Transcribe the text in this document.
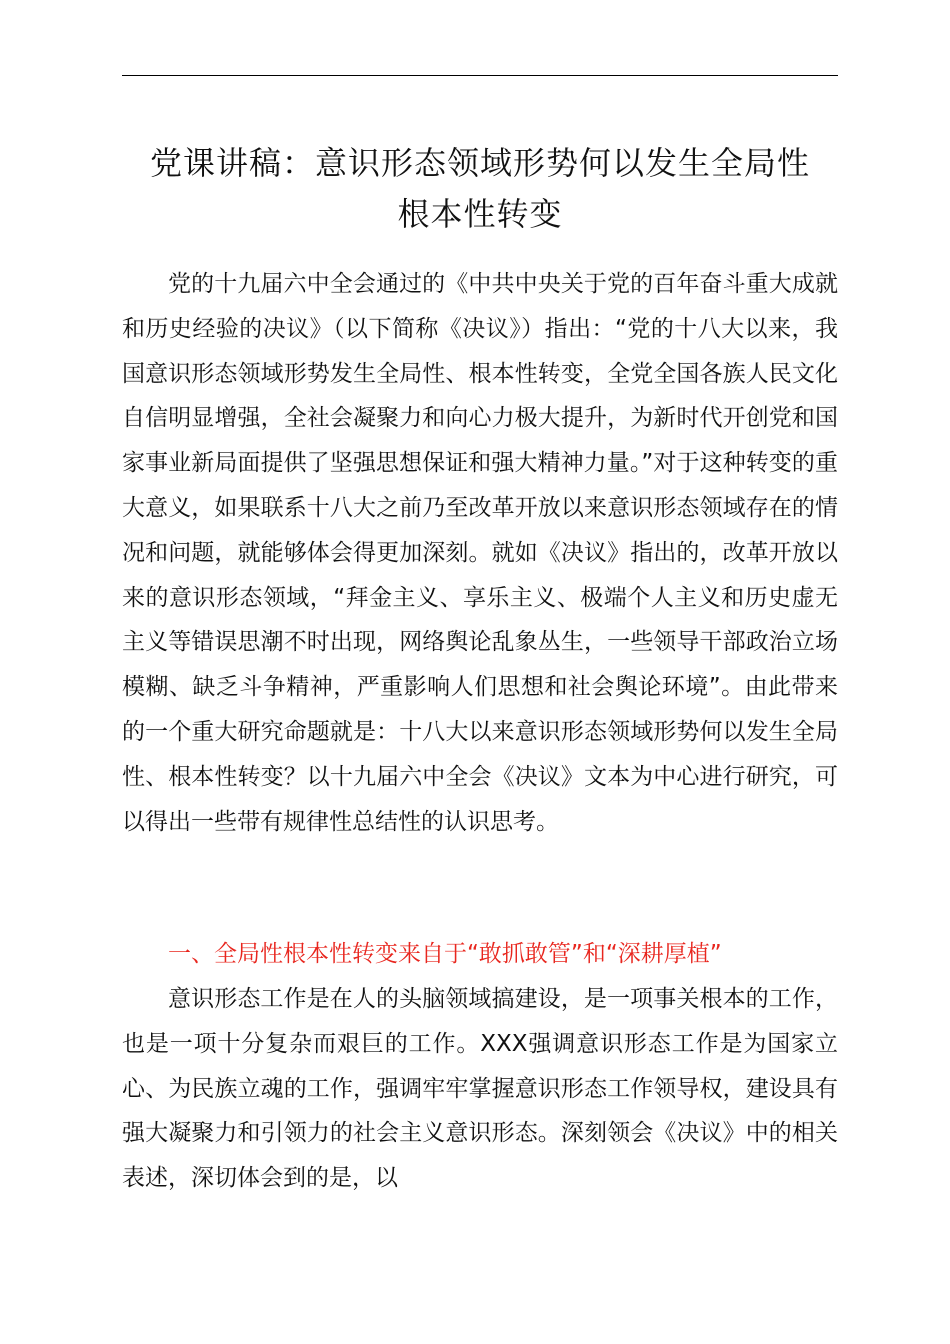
党课讲稿：意识形态领域形势何以发生全局性
根本性转变

党的十九届六中全会通过的《中共中央关于党的百年奋斗重大成就和历史经验的决议》（以下简称《决议》）指出：“党的十八大以来，我国意识形态领域形势发生全局性、根本性转变，全党全国各族人民文化自信明显增强，全社会凝聚力和向心力极大提升，为新时代开创党和国家事业新局面提供了坚强思想保证和强大精神力量。”对于这种转变的重大意义，如果联系十八大之前乃至改革开放以来意识形态领域存在的情况和问题，就能够体会得更加深刻。就如《决议》指出的，改革开放以来的意识形态领域，“拜金主义、享乐主义、极端个人主义和历史虚无主义等错误思潮不时出现，网络舆论乱象丛生，一些领导干部政治立场模糊、缺乏斗争精神，严重影响人们思想和社会舆论环境”。由此带来的一个重大研究命题就是：十八大以来意识形态领域形势何以发生全局性、根本性转变？以十九届六中全会《决议》文本为中心进行研究，可以得出一些带有规律性总结性的认识思考。

一、全局性根本性转变来自于“敢抓敢管”和“深耕厚植”

意识形态工作是在人的头脑领域搞建设，是一项事关根本的工作，也是一项十分复杂而艰巨的工作。XXX强调意识形态工作是为国家立心、为民族立魂的工作，强调牢牢掌握意识形态工作领导权，建设具有强大凝聚力和引领力的社会主义意识形态。深刻领会《决议》中的相关表述，深切体会到的是，以
